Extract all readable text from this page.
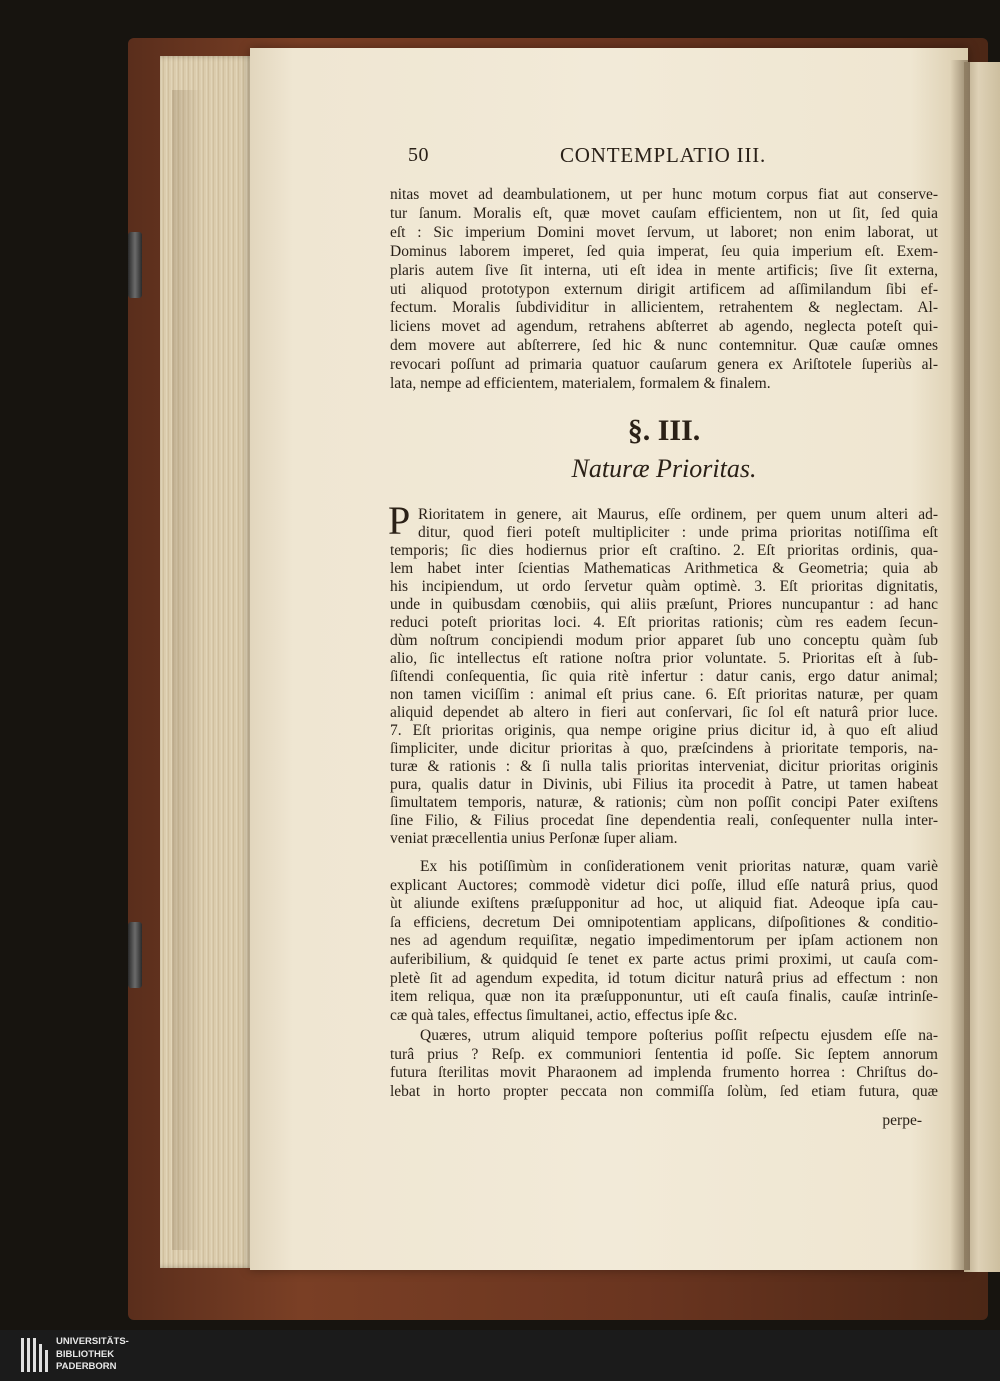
50	CONTEMPLATIO III.
nitas movet ad deambulationem, ut per hunc motum corpus fiat aut conserve-
tur ſanum. Moralis eſt, quæ movet cauſam efficientem, non ut ſit, ſed quia
eſt : Sic imperium Domini movet ſervum, ut laboret; non enim laborat, ut
Dominus laborem imperet, ſed quia imperat, ſeu quia imperium eſt. Exem-
plaris autem ſive ſit interna, uti eſt idea in mente artificis; ſive ſit externa,
uti aliquod prototypon externum dirigit artificem ad aſſimilandum ſibi ef-
fectum. Moralis ſubdividitur in allicientem, retrahentem & neglectam. Al-
liciens movet ad agendum, retrahens abſterret ab agendo, neglecta poteſt qui-
dem movere aut abſterrere, ſed hic & nunc contemnitur. Quæ cauſæ omnes
revocari poſſunt ad primaria quatuor cauſarum genera ex Ariſtotele ſuperiùs al-
lata, nempe ad efficientem, materialem, formalem & finalem.
§. III.
Naturæ Prioritas.
P Rioritatem in genere, ait Maurus, eſſe ordinem, per quem unum alteri ad-
ditur, quod fieri poteſt multipliciter : unde prima prioritas notiſſima eſt
temporis; ſic dies hodiernus prior eſt craſtino. 2. Eſt prioritas ordinis, qua-
lem habet inter ſcientias Mathematicas Arithmetica & Geometria; quia ab
his incipiendum, ut ordo ſervetur quàm optimè. 3. Eſt prioritas dignitatis,
unde in quibusdam cœnobiis, qui aliis præſunt, Priores nuncupantur : ad hanc
reduci poteſt prioritas loci. 4. Eſt prioritas rationis; cùm res eadem ſecun-
dùm noſtrum concipiendi modum prior apparet ſub uno conceptu quàm ſub
alio, ſic intellectus eſt ratione noſtra prior voluntate. 5. Prioritas eſt à ſub-
ſiſtendi conſequentia, ſic quia ritè infertur : datur canis, ergo datur animal;
non tamen viciſſim : animal eſt prius cane. 6. Eſt prioritas naturæ, per quam
aliquid dependet ab altero in fieri aut conſervari, ſic ſol eſt naturâ prior luce.
7. Eſt prioritas originis, qua nempe origine prius dicitur id, à quo eſt aliud
ſimpliciter, unde dicitur prioritas à quo, præſcindens à prioritate temporis, na-
turæ & rationis : & ſi nulla talis prioritas interveniat, dicitur prioritas originis
pura, qualis datur in Divinis, ubi Filius ita procedit à Patre, ut tamen habeat
ſimultatem temporis, naturæ, & rationis; cùm non poſſit concipi Pater exiſtens
ſine Filio, & Filius procedat ſine dependentia reali, conſequenter nulla inter-
veniat præcellentia unius Perſonæ ſuper aliam.
Ex his potiſſimùm in conſiderationem venit prioritas naturæ, quam variè
explicant Auctores; commodè videtur dici poſſe, illud eſſe naturâ prius, quod
ùt aliunde exiſtens præſupponitur ad hoc, ut aliquid fiat. Adeoque ipſa cau-
ſa efficiens, decretum Dei omnipotentiam applicans, diſpoſitiones & conditio-
nes ad agendum requiſitæ, negatio impedimentorum per ipſam actionem non
auferibilium, & quidquid ſe tenet ex parte actus primi proximi, ut cauſa com-
pletè ſit ad agendum expedita, id totum dicitur naturâ prius ad effectum : non
item reliqua, quæ non ita præſupponuntur, uti eſt cauſa finalis, cauſæ intrinſe-
cæ quà tales, effectus ſimultanei, actio, effectus ipſe &c.
Quæres, utrum aliquid tempore poſterius poſſit reſpectu ejusdem eſſe na-
turâ prius ? Reſp. ex communiori ſententia id poſſe. Sic ſeptem annorum
futura ſterilitas movit Pharaonem ad implenda frumento horrea : Chriſtus do-
lebat in horto propter peccata non commiſſa ſolùm, ſed etiam futura, quæ
perpe-
UNIVERSITÄTS-
BIBLIOTHEK
PADERBORN
